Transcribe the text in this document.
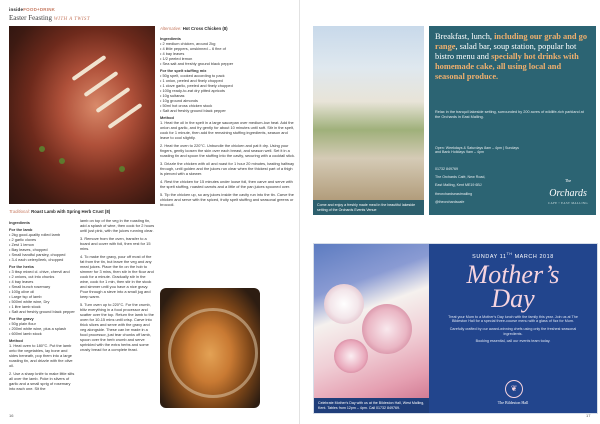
insideFOOD+DRINK
Easter Feasting WITH A TWIST
Traditional: Roast Lamb with Spring Herb Crust (8)

Ingredients

For the lamb

• 2kg good-quality rolled lamb

• 2 garlic cloves

• Zest 1 lemon

• Bay leaves, chopped

• Small handful parsley, chopped

• 3-4 each celery/leek, chopped

For the herbs

• 3 tbsp mixed cl. chive, chervil and

• 2 onions, cut into chunks

• 4 bay leaves

• Small bunch rosemary

• 100g olive oil

• Large tsp of lamb

• 500ml white wine, Dry

• 1 litre lamb stock

• Salt and freshly ground black pepper

For the gravy

• 50g plain flour

• 200ml white wine, plus a splash

• 600ml lamb stock

Method

1. Heat oven to 180°C. Put the lamb onto the vegetables, lay bone and sides beneath, pop them into a large roasting tin, and drizzle with the olive oil.

2. Use a sharp knife to make little slits all over the lamb. Poke in slivers of garlic and a small sprig of rosemary into each one. Sit the

lamb on top of the veg in the roasting tin, add a splash of wine, then cook for 2 hours until just pink, with the juices running clear.

3. Remove from the oven, transfer to a board and cover with foil, then rest for 15 mins.

4. To make the gravy, pour off most of the fat from the tin, but leave the veg and any meat juices. Place the tin on the hob to simmer for 3 mins, then stir in the flour and cook for a minute. Gradually stir in the wine, cook for 1 min, then stir in the stock and simmer until you have a nice gravy. Pour through a sieve into a small jug and keep warm.

5. Turn oven up to 220°C. For the crumb, blitz everything in a food processor and scatter over the top. Return the lamb to the oven for 10-15 mins until crisp. Carve into thick slices and serve with the gravy and veg alongside. These can be made in a food processor, just tear chunks off lamb, spoon over the herb crumb and serve sprinkled with the extra herbs and some crusty bread for a complete feast.

Alternative: Hot Cross Chicken (8)

Ingredients

• 2 medium chicken, around 2kg

• 4 little peppers, unskinned – 6 fine of

• 4 bay leaves

• 1/2 peeled lemon

• Sea salt and freshly ground black pepper

For the spelt stuffing mix

• 50g spelt, cooked according to pack

• 1 onion, peeled and finely chopped

• 1 clove garlic, peeled and finely chopped

• 100g ready-to-eat dry pitted apricots

• 10g sultanas

• 10g ground almonds

• 50ml hot cross chicken stock

• Salt and freshly ground black pepper

Method

1. Heat the oil in the spelt in a large saucepan over medium-low heat. Add the onion and garlic, and fry gently for about 10 minutes until soft. Stir in the spelt, cook for 1 minute, then add the remaining stuffing ingredients, season and leave to cool slightly.

2. Heat the oven to 220°C. Unbundle the chicken and pat it dry. Using your fingers, gently loosen the skin over each breast, and season well. Set it in a roasting tin and spoon the stuffing into the cavity, securing with a cocktail stick.

3. Drizzle the chicken with oil and roast for 1 hour 20 minutes, basting halfway through, until golden and the juices run clear when the thickest part of a thigh is pierced with a skewer.

4. Rest the chicken for 15 minutes under loose foil, then carve and serve with the spelt stuffing, roasted carrots and a little of the pan juices spooned over.

5. Tip the chicken up, so any juices inside the cavity run into the tin. Carve the chicken and serve with the spiced, fruity spelt stuffing and seasonal greens or broccoli.

16
Come and enjoy a freshly made meal in the beautiful lakeside setting of the Orchards Events Venue
Breakfast, lunch, including our grab and go range, salad bar, soup station, popular hot bistro menu and specially hot drinks with homemade cake, all using local and seasonal produce.
Relax in the tranquil lakeside setting, surrounded by 200 acres of wildlife-rich parkland at the Orchards in East Malling.
Open: Weekdays & Saturdays 8am – 4pm | Sundays and Bank Holidays 9am – 4pm

01732 849769

The Orchards Café, New Road,

East Malling, Kent ME19 6BJ

theorchardseastmalling

@theorchardscafe

The
Orchards
CAFE • EAST MALLING
Celebrate Mother's Day with us at the Bildeston Hall, West Malling, Kent. Tables from 12pm – 4pm. Call 01732 849769.
SUNDAY 11TH MARCH 2018
Mother’s
Day

Treat your Mum to a Mother's Day lunch with the family this year. Join us at The Bildeston Hall for a special three-course menu with a glass of fizz for Mum.

Carefully crafted by our award-winning chefs using only the freshest seasonal ingredients.

Booking essential, call our events team today.

❦
The Bildeston Hall
17
